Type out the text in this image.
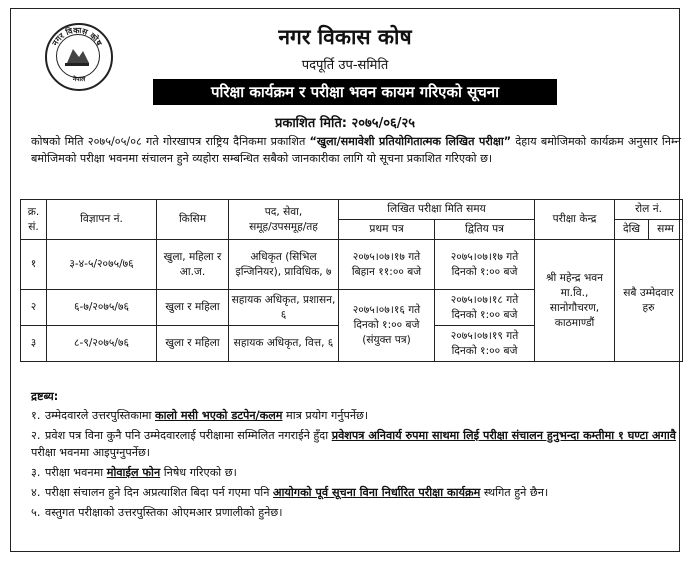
नगर विकास कोष
नेपाल
नगर विकास कोष
पदपूर्ति उप-समिति
परिक्षा कार्यक्रम र परीक्षा भवन कायम गरिएको सूचना
प्रकाशित मिति: २०७५/०६/२५
कोषको मिति २०७५/०५/०८ गते गोरखापत्र राष्ट्रिय दैनिकमा प्रकाशित “खुला/समावेशी प्रतियोगितात्मक लिखित परीक्षा” देहाय बमोजिमको कार्यक्रम अनुसार निम्न बमोजिमको परीक्षा भवनमा संचालन हुने व्यहोरा सम्बन्धित सबैको जानकारीका लागि यो सूचना प्रकाशित गरिएको छ।
क्र.
सं.	विज्ञापन नं.	किसिम	पद, सेवा,
समूह/उपसमूह/तह	लिखित परीक्षा मिति समय		परीक्षा केन्द्र	रोल नं.	
				प्रथम पत्र	द्वितिय पत्र		देखि	सम्म
१	३-४-५/२०७५/७६	खुला, महिला र आ.ज.	अधिकृत (सिभिल इन्जिनियर), प्राविधिक, ७	२०७५।०७।१७ गते बिहान ११:०० बजे	२०७५।०७।१७ गते दिनको १:०० बजे	श्री महेन्द्र भवन मा.वि., सानोगौचरण, काठमाण्डौं	सबै उम्मेदवार हरु	
२	६-७/२०७५/७६	खुला र महिला	सहायक अधिकृत, प्रशासन, ६	२०७५।०७।१६ गते दिनको १:०० बजे (संयुक्त पत्र)	२०७५।०७।१८ गते दिनको १:०० बजे			
३	८-९/२०७५/७६	खुला र महिला	सहायक अधिकृत, वित्त, ६		२०७५।०७।१९ गते दिनको १:०० बजे			
द्रष्टब्य:
१. उम्मेदवारले उत्तरपुस्तिकामा कालो मसी भएको डटपेन/कलम मात्र प्रयोग गर्नुपर्नेछ।
२. प्रवेश पत्र विना कुनै पनि उम्मेदवारलाई परीक्षामा सम्मिलित नगराईने हुँदा प्रवेशपत्र अनिवार्य रुपमा साथमा लिई परीक्षा संचालन हुनुभन्दा कम्तीमा १ घण्टा अगावै परीक्षा भवनमा आइपुग्नुपर्नेछ।
३. परीक्षा भवनमा मोवाईल फोन निषेध गरिएको छ।
४. परीक्षा संचालन हुने दिन अप्रत्याशित बिदा पर्न गएमा पनि आयोगको पूर्व सूचना विना निर्धारित परीक्षा कार्यक्रम स्थगित हुने छैन।
५. वस्तुगत परीक्षाको उत्तरपुस्तिका ओएमआर प्रणालीको हुनेछ।
